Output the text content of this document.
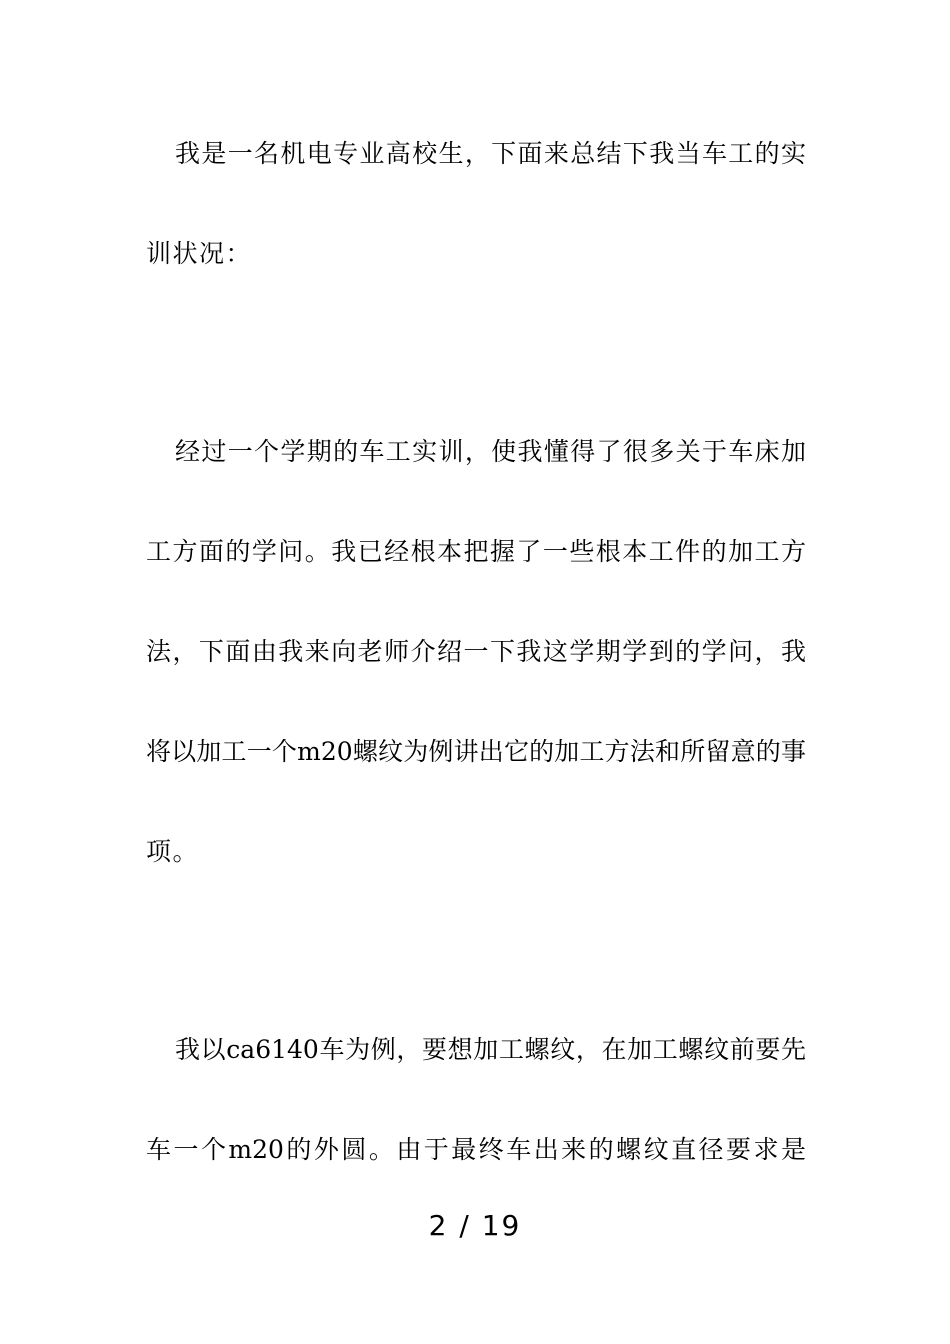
我是一名机电专业高校生，下面来总结下我当车工的实
训状况：
经过一个学期的车工实训，使我懂得了很多关于车床加
工方面的学问。我已经根本把握了一些根本工件的加工方
法，下面由我来向老师介绍一下我这学期学到的学问，我
将以加工一个m20螺纹为例讲出它的加工方法和所留意的事
项。
我以ca6140车为例，要想加工螺纹，在加工螺纹前要先
车一个m20的外圆。由于最终车出来的螺纹直径要求是
2 / 19
